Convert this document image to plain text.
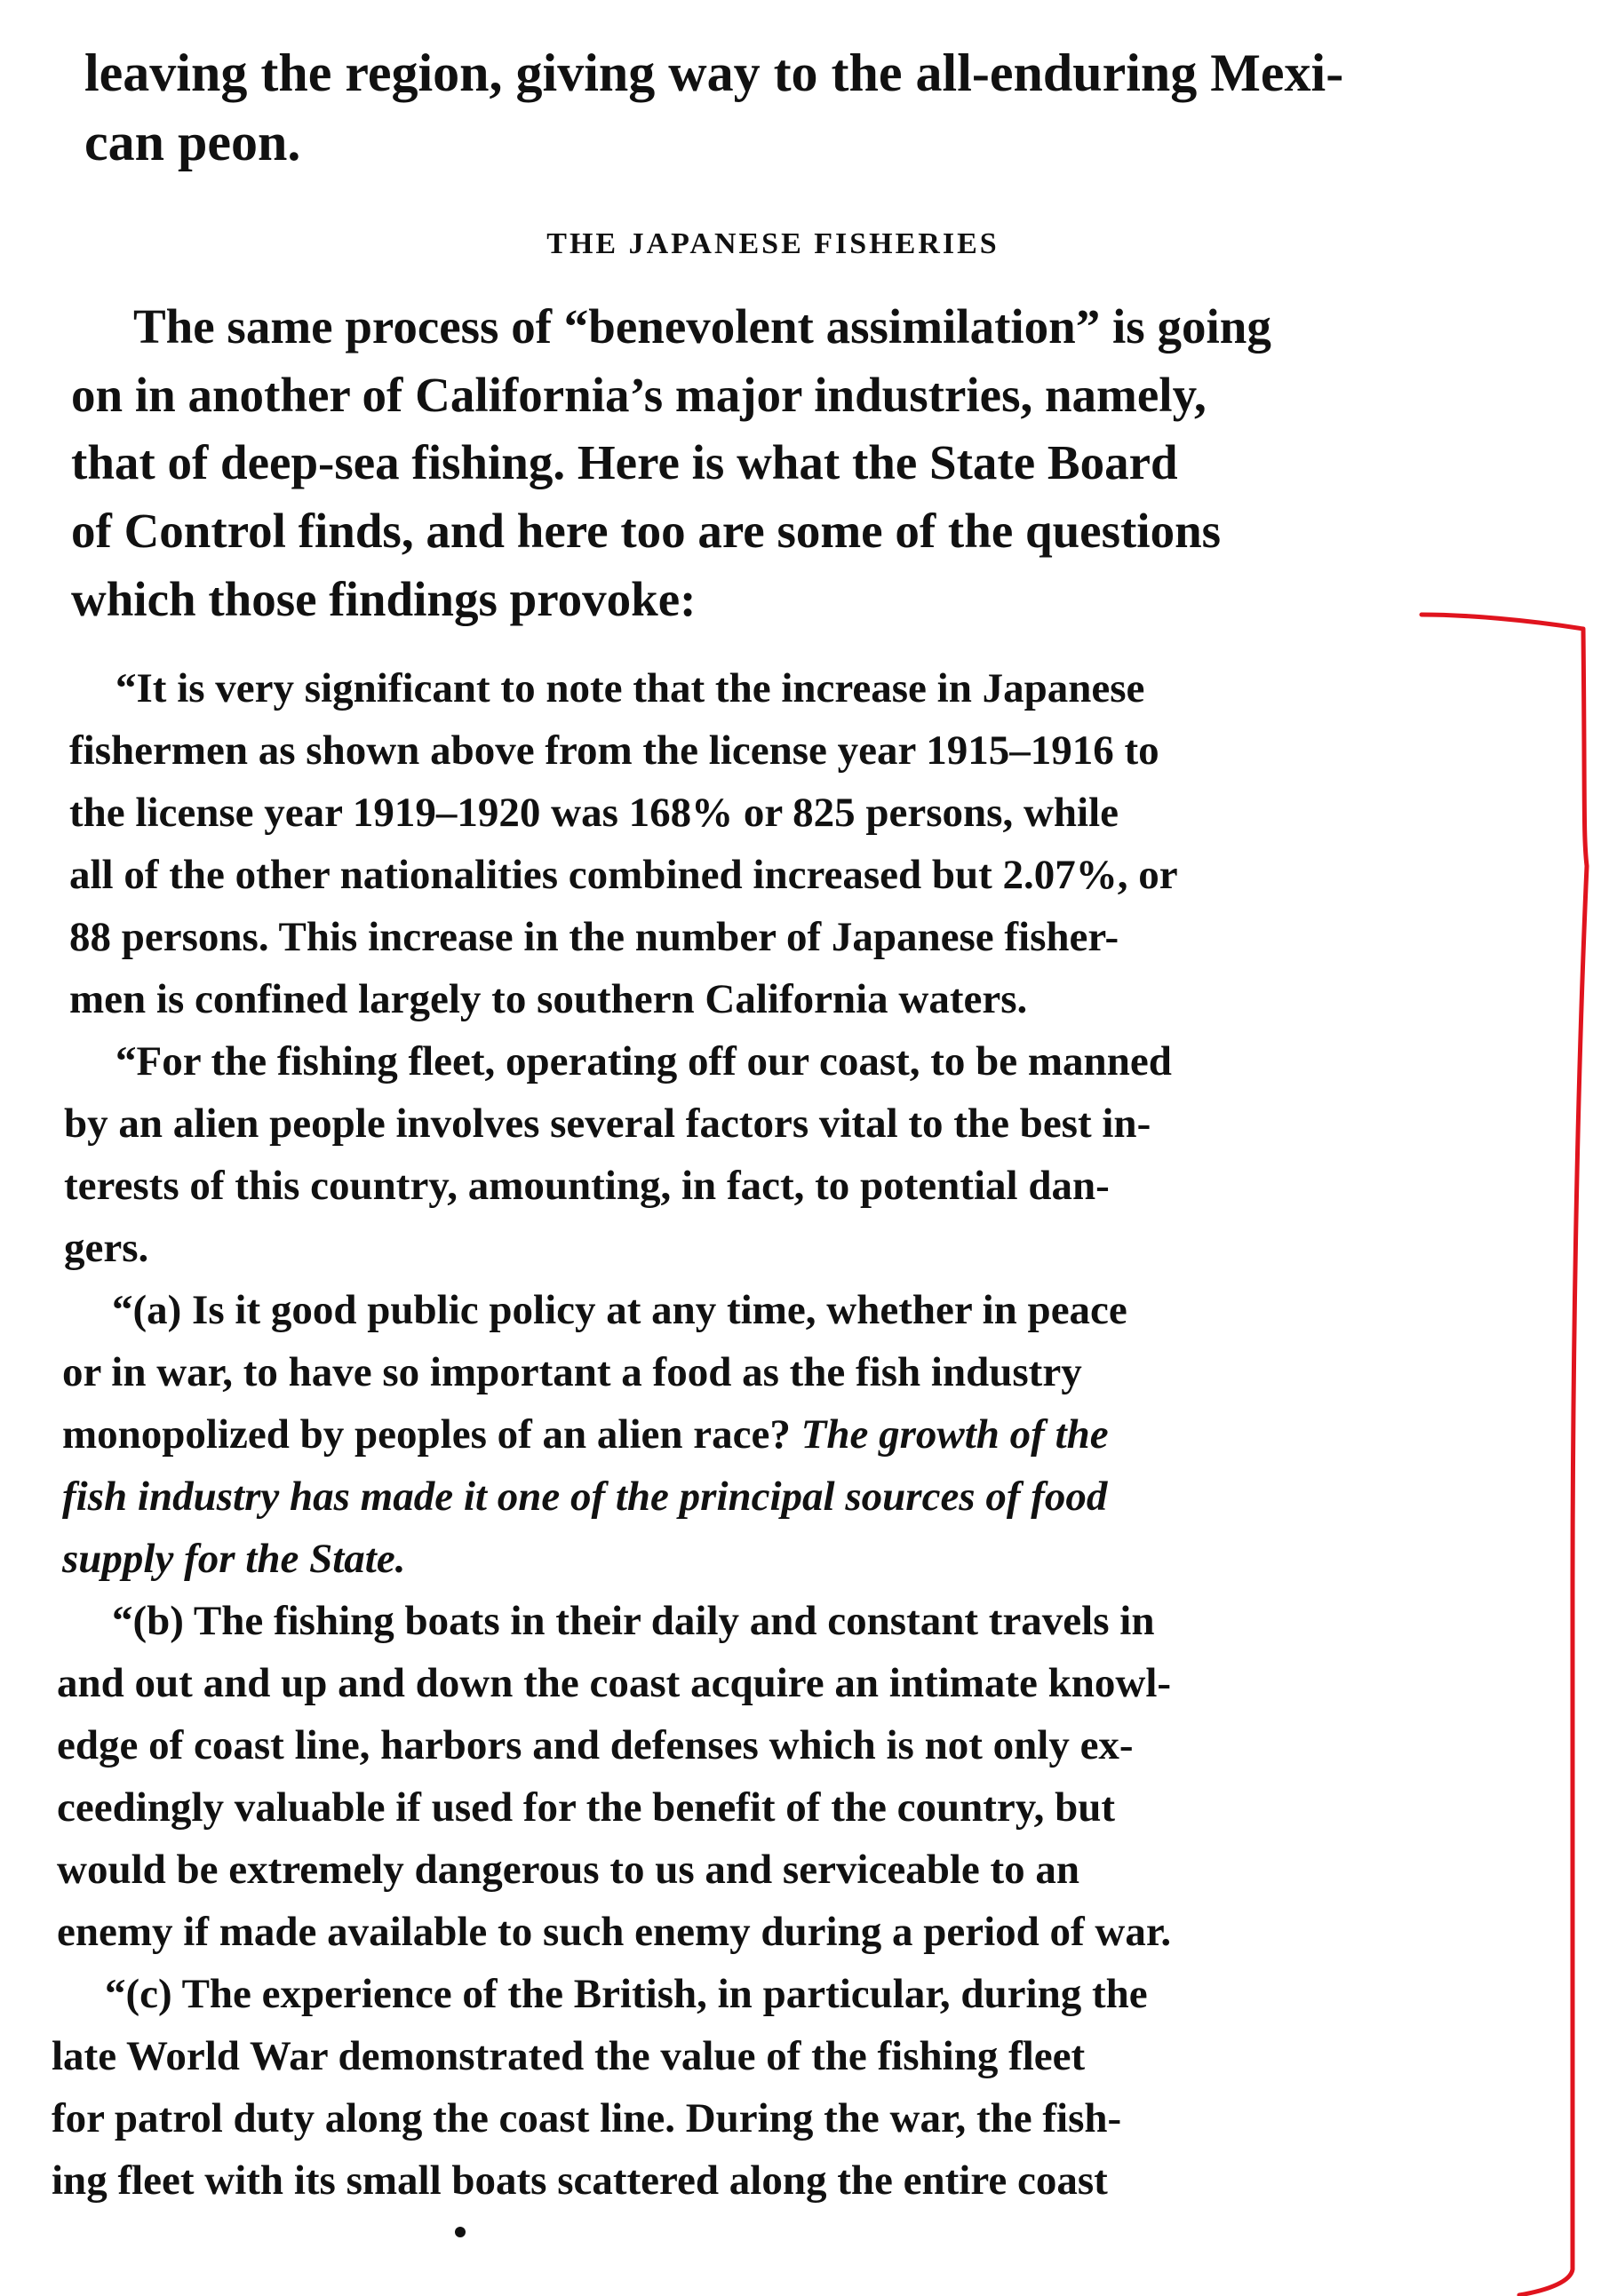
leaving the region, giving way to the all-enduring Mexi-
can peon.
THE JAPANESE FISHERIES
The same process of “benevolent assimilation” is going
on in another of California’s major industries, namely,
that of deep-sea fishing. Here is what the State Board
of Control finds, and here too are some of the questions
which those findings provoke:
“It is very significant to note that the increase in Japanese
fishermen as shown above from the license year 1915–1916 to
the license year 1919–1920 was 168% or 825 persons, while
all of the other nationalities combined increased but 2.07%, or
88 persons. This increase in the number of Japanese fisher-
men is confined largely to southern California waters.
“For the fishing fleet, operating off our coast, to be manned
by an alien people involves several factors vital to the best in-
terests of this country, amounting, in fact, to potential dan-
gers.
“(a) Is it good public policy at any time, whether in peace
or in war, to have so important a food as the fish industry
monopolized by peoples of an alien race? The growth of the
fish industry has made it one of the principal sources of food
supply for the State.
“(b) The fishing boats in their daily and constant travels in
and out and up and down the coast acquire an intimate knowl-
edge of coast line, harbors and defenses which is not only ex-
ceedingly valuable if used for the benefit of the country, but
would be extremely dangerous to us and serviceable to an
enemy if made available to such enemy during a period of war.
“(c) The experience of the British, in particular, during the
late World War demonstrated the value of the fishing fleet
for patrol duty along the coast line. During the war, the fish-
ing fleet with its small boats scattered along the entire coast
